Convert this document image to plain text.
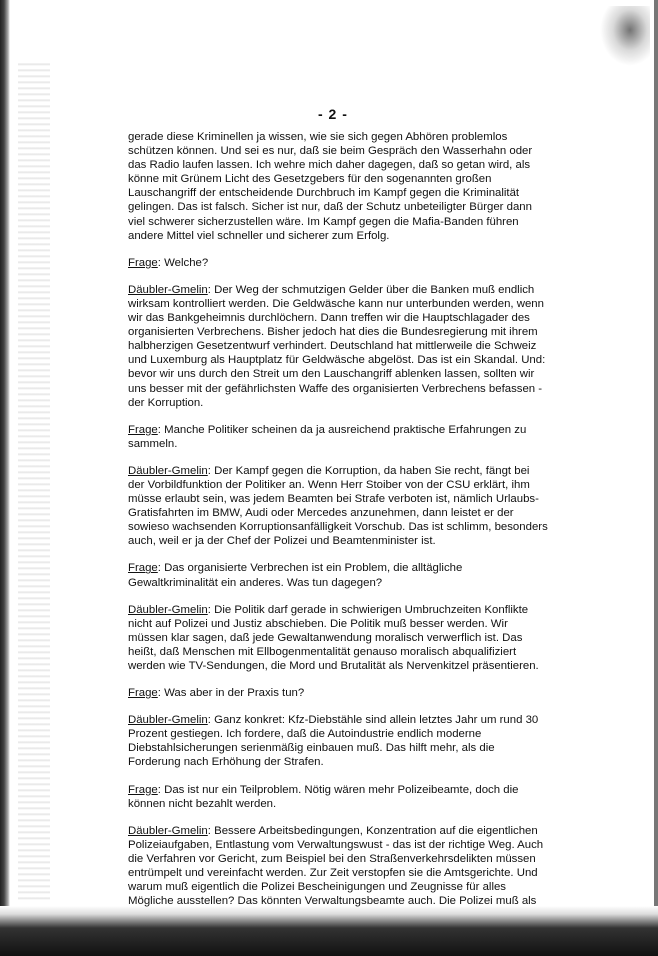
- 2 -

gerade diese Kriminellen ja wissen, wie sie sich gegen Abhören problemlos schützen können. Und sei es nur, daß sie beim Gespräch den Wasserhahn oder das Radio laufen lassen. Ich wehre mich daher dagegen, daß so getan wird, als könne mit Grünem Licht des Gesetzgebers für den sogenannten großen Lauschangriff der entscheidende Durchbruch im Kampf gegen die Kriminalität gelingen. Das ist falsch. Sicher ist nur, daß der Schutz unbeteiligter Bürger dann viel schwerer sicherzustellen wäre. Im Kampf gegen die Mafia-Banden führen andere Mittel viel schneller und sicherer zum Erfolg.

Frage: Welche?

Däubler-Gmelin: Der Weg der schmutzigen Gelder über die Banken muß endlich wirksam kontrolliert werden. Die Geldwäsche kann nur unterbunden werden, wenn wir das Bankgeheimnis durchlöchern. Dann treffen wir die Hauptschlagader des organisierten Verbrechens. Bisher jedoch hat dies die Bundesregierung mit ihrem halbherzigen Gesetzentwurf verhindert. Deutschland hat mittlerweile die Schweiz und Luxemburg als Hauptplatz für Geldwäsche abgelöst. Das ist ein Skandal. Und: bevor wir uns durch den Streit um den Lauschangriff ablenken lassen, sollten wir uns besser mit der gefährlichsten Waffe des organisierten Verbrechens befassen - der Korruption.

Frage: Manche Politiker scheinen da ja ausreichend praktische Erfahrungen zu sammeln.

Däubler-Gmelin: Der Kampf gegen die Korruption, da haben Sie recht, fängt bei der Vorbildfunktion der Politiker an. Wenn Herr Stoiber von der CSU erklärt, ihm müsse erlaubt sein, was jedem Beamten bei Strafe verboten ist, nämlich Urlaubs-Gratisfahrten im BMW, Audi oder Mercedes anzunehmen, dann leistet er der sowieso wachsenden Korruptionsanfälligkeit Vorschub. Das ist schlimm, besonders auch, weil er ja der Chef der Polizei und Beamtenminister ist.

Frage: Das organisierte Verbrechen ist ein Problem, die alltägliche Gewaltkriminalität ein anderes. Was tun dagegen?

Däubler-Gmelin: Die Politik darf gerade in schwierigen Umbruchzeiten Konflikte nicht auf Polizei und Justiz abschieben. Die Politik muß besser werden. Wir müssen klar sagen, daß jede Gewaltanwendung moralisch verwerflich ist. Das heißt, daß Menschen mit Ellbogenmentalität genauso moralisch abqualifiziert werden wie TV-Sendungen, die Mord und Brutalität als Nervenkitzel präsentieren.

Frage: Was aber in der Praxis tun?

Däubler-Gmelin: Ganz konkret: Kfz-Diebstähle sind allein letztes Jahr um rund 30 Prozent gestiegen. Ich fordere, daß die Autoindustrie endlich moderne Diebstahlsicherungen serienmäßig einbauen muß. Das hilft mehr, als die Forderung nach Erhöhung der Strafen.

Frage: Das ist nur ein Teilproblem. Nötig wären mehr Polizeibeamte, doch die können nicht bezahlt werden.

Däubler-Gmelin: Bessere Arbeitsbedingungen, Konzentration auf die eigentlichen Polizeiaufgaben, Entlastung vom Verwaltungswust - das ist der richtige Weg. Auch die Verfahren vor Gericht, zum Beispiel bei den Straßenverkehrsdelikten müssen entrümpelt und vereinfacht werden. Zur Zeit verstopfen sie die Amtsgerichte. Und warum muß eigentlich die Polizei Bescheinigungen und Zeugnisse für alles Mögliche ausstellen? Das könnten Verwaltungsbeamte auch. Die Polizei muß als
